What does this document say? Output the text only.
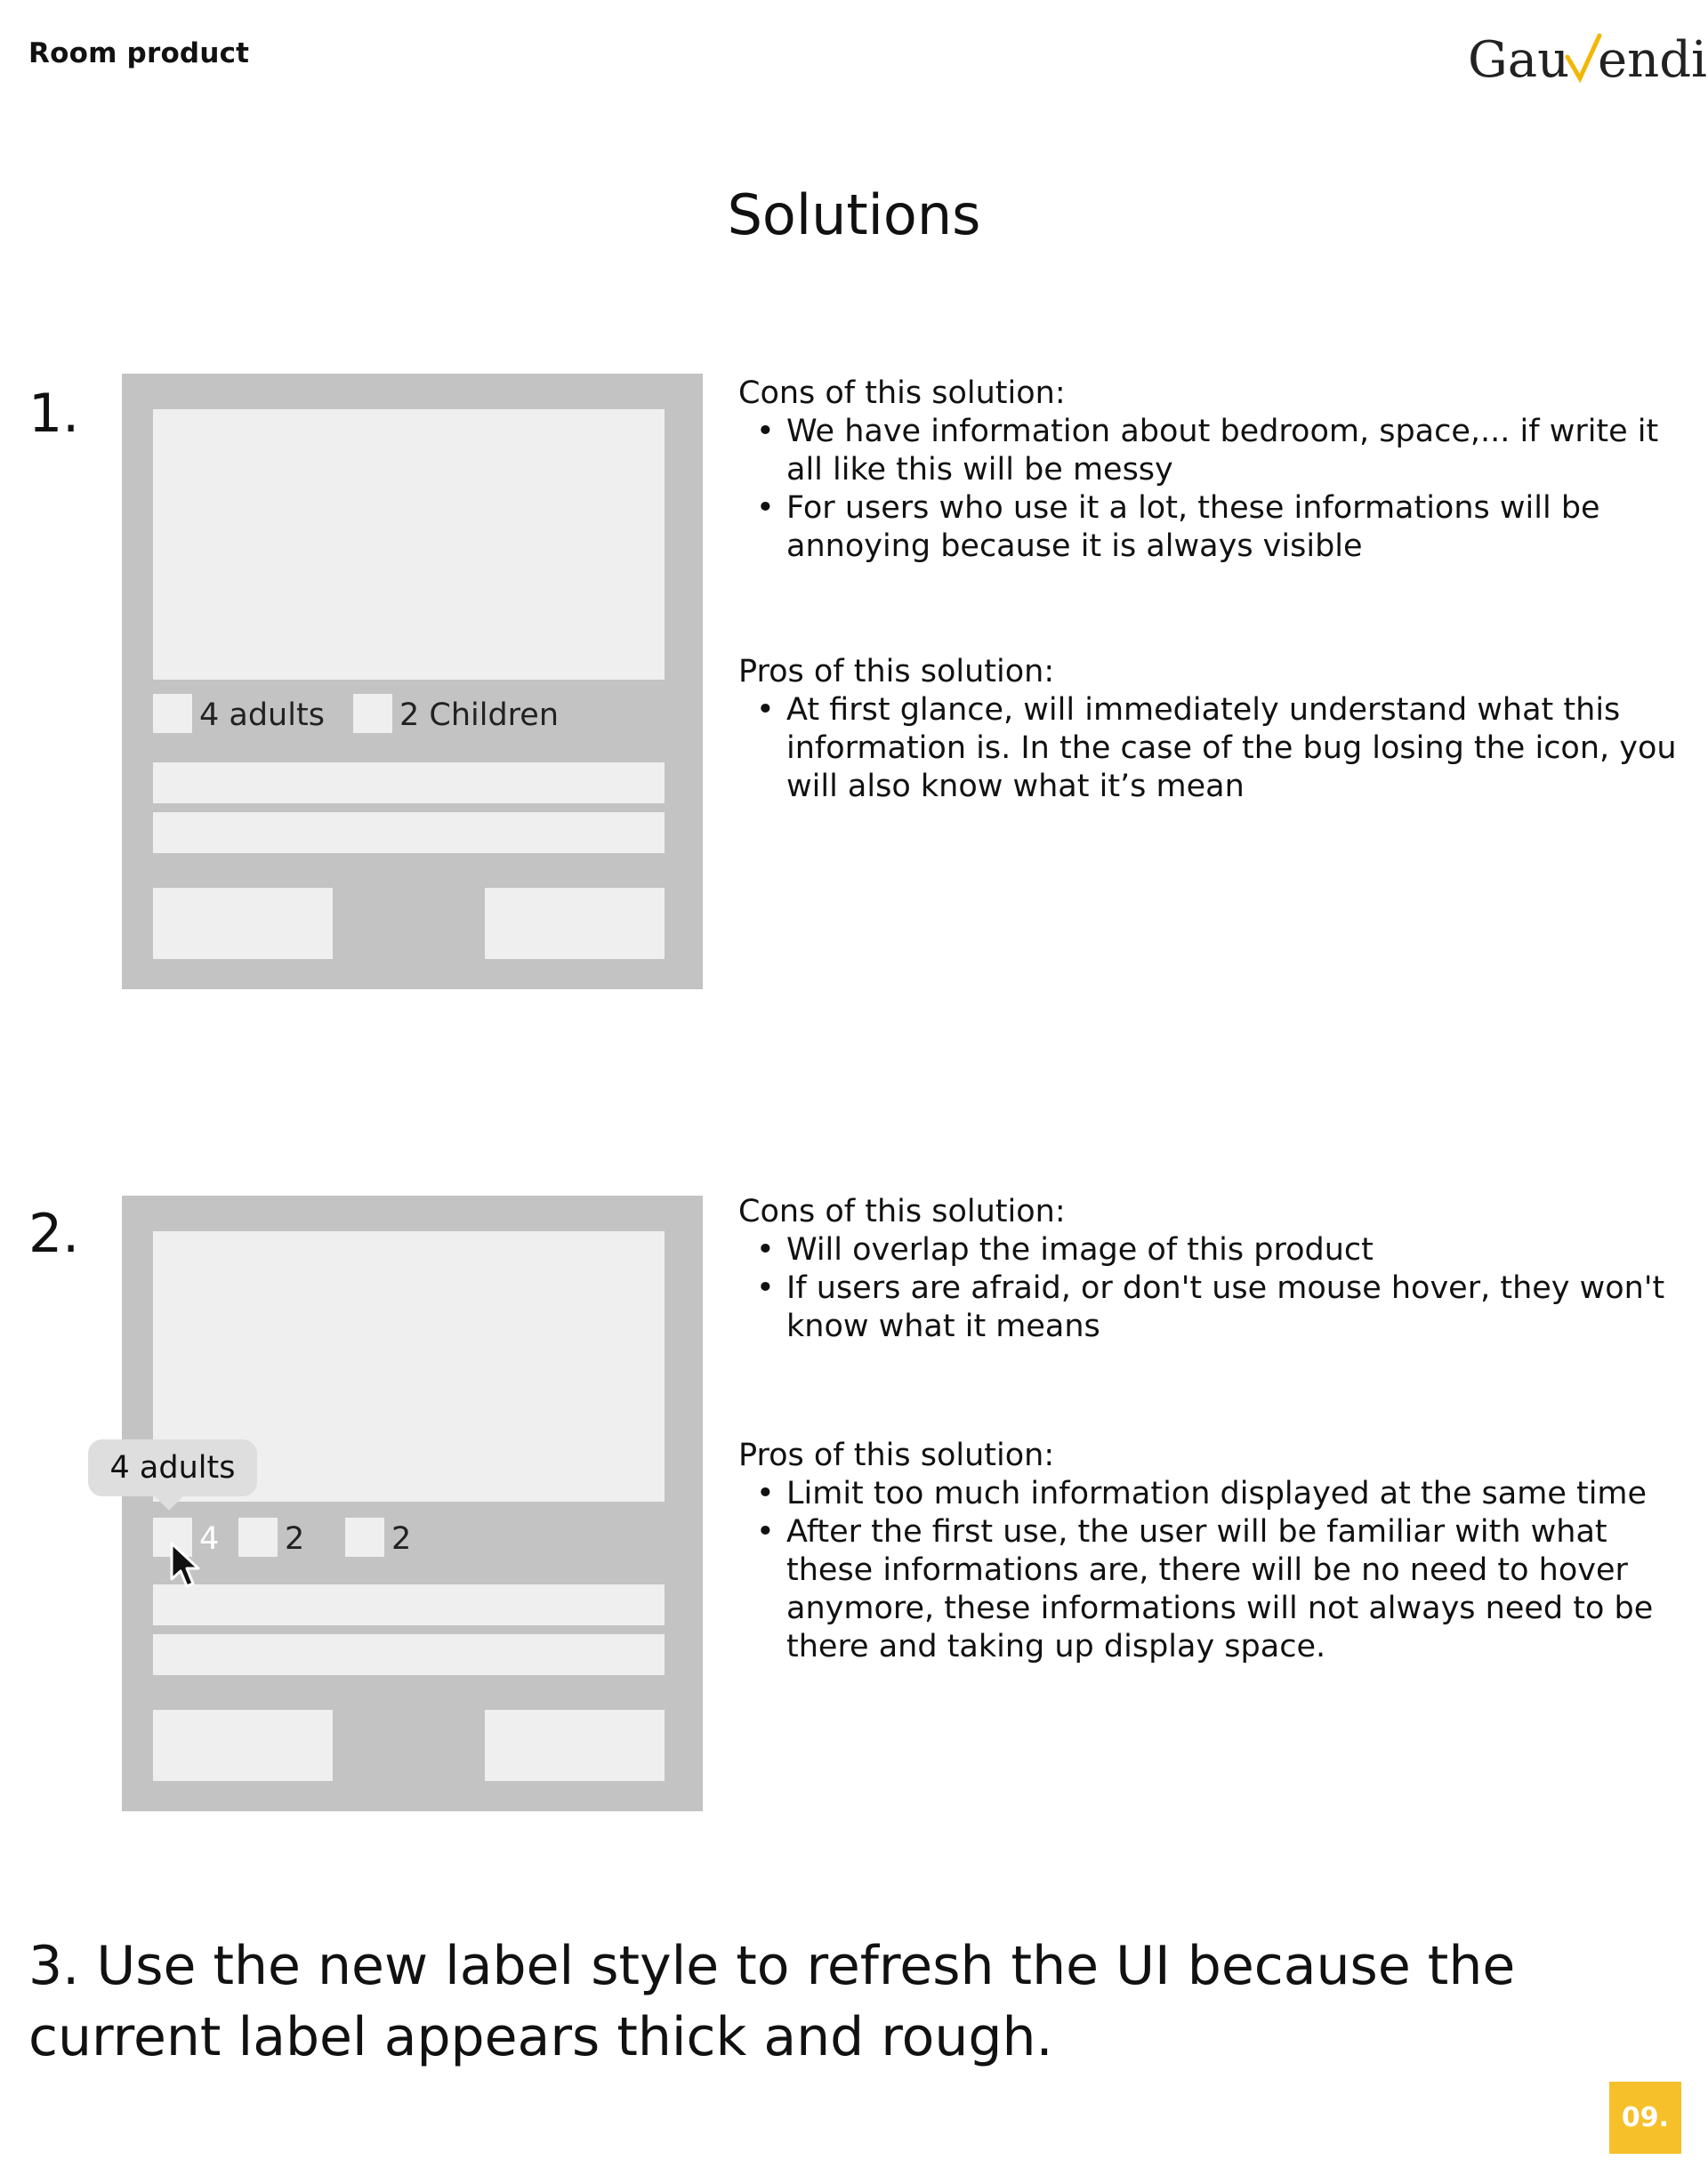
Room product	Gau endi
Solutions
1.
4 adults 2 Children

Cons of this solution:

• We have information about bedroom, space,... if write it all like this will be messy
• For users who use it a lot, these informations will be annoying because it is always visible

Pros of this solution:

• At first glance, will immediately understand what this information is. In the case of the bug losing the icon, you will also know what it’s mean
2.
4 2	2
4 adults

Cons of this solution:

• Will overlap the image of this product
• If users are afraid, or don't use mouse hover, they won't know what it means

Pros of this solution:

• Limit too much information displayed at the same time
• After the first use, the user will be familiar with what these informations are, there will be no need to hover anymore, these informations will not always need to be there and taking up display space.
3. Use the new label style to refresh the UI because the current label appears thick and rough.
09.
